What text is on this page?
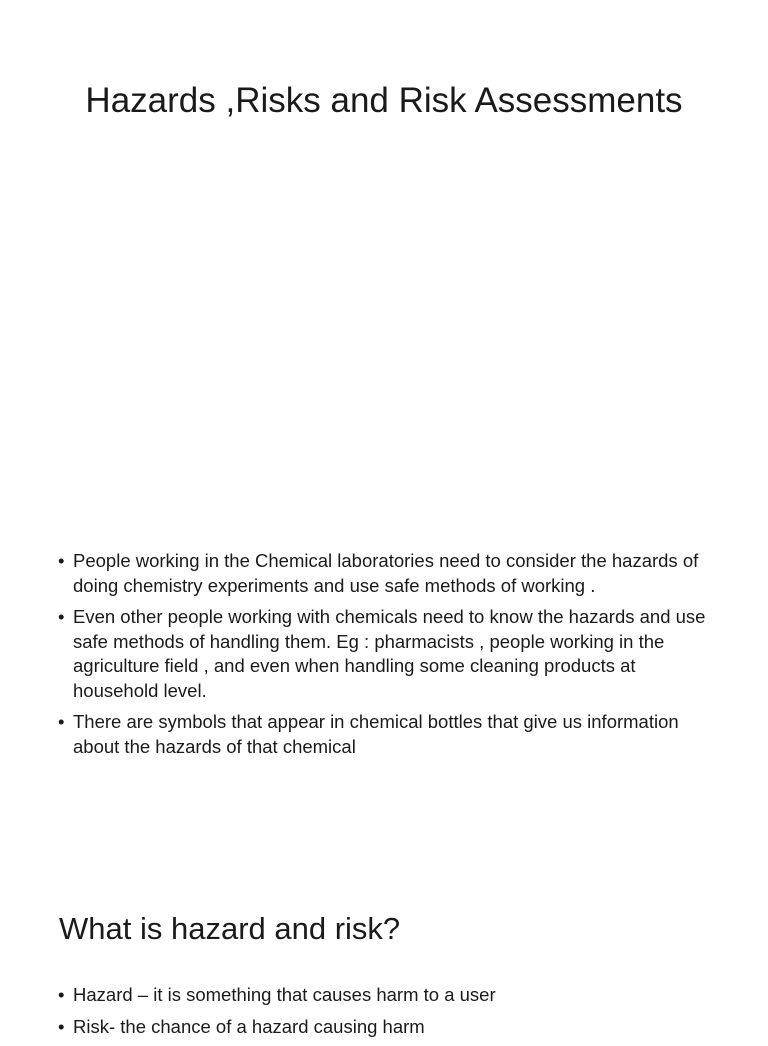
Hazards ,Risks and Risk Assessments
• People working in the Chemical laboratories need to consider the hazards of doing chemistry experiments and use safe methods of working .
• Even other people working with chemicals need to know the hazards and use safe methods of handling them. Eg : pharmacists , people working in the agriculture field , and even when handling some cleaning products at household level.
• There are symbols that appear in chemical bottles that give us information about the hazards of that chemical
What is hazard and risk?
• Hazard – it is something that causes harm to a user
• Risk- the chance of a hazard causing harm
